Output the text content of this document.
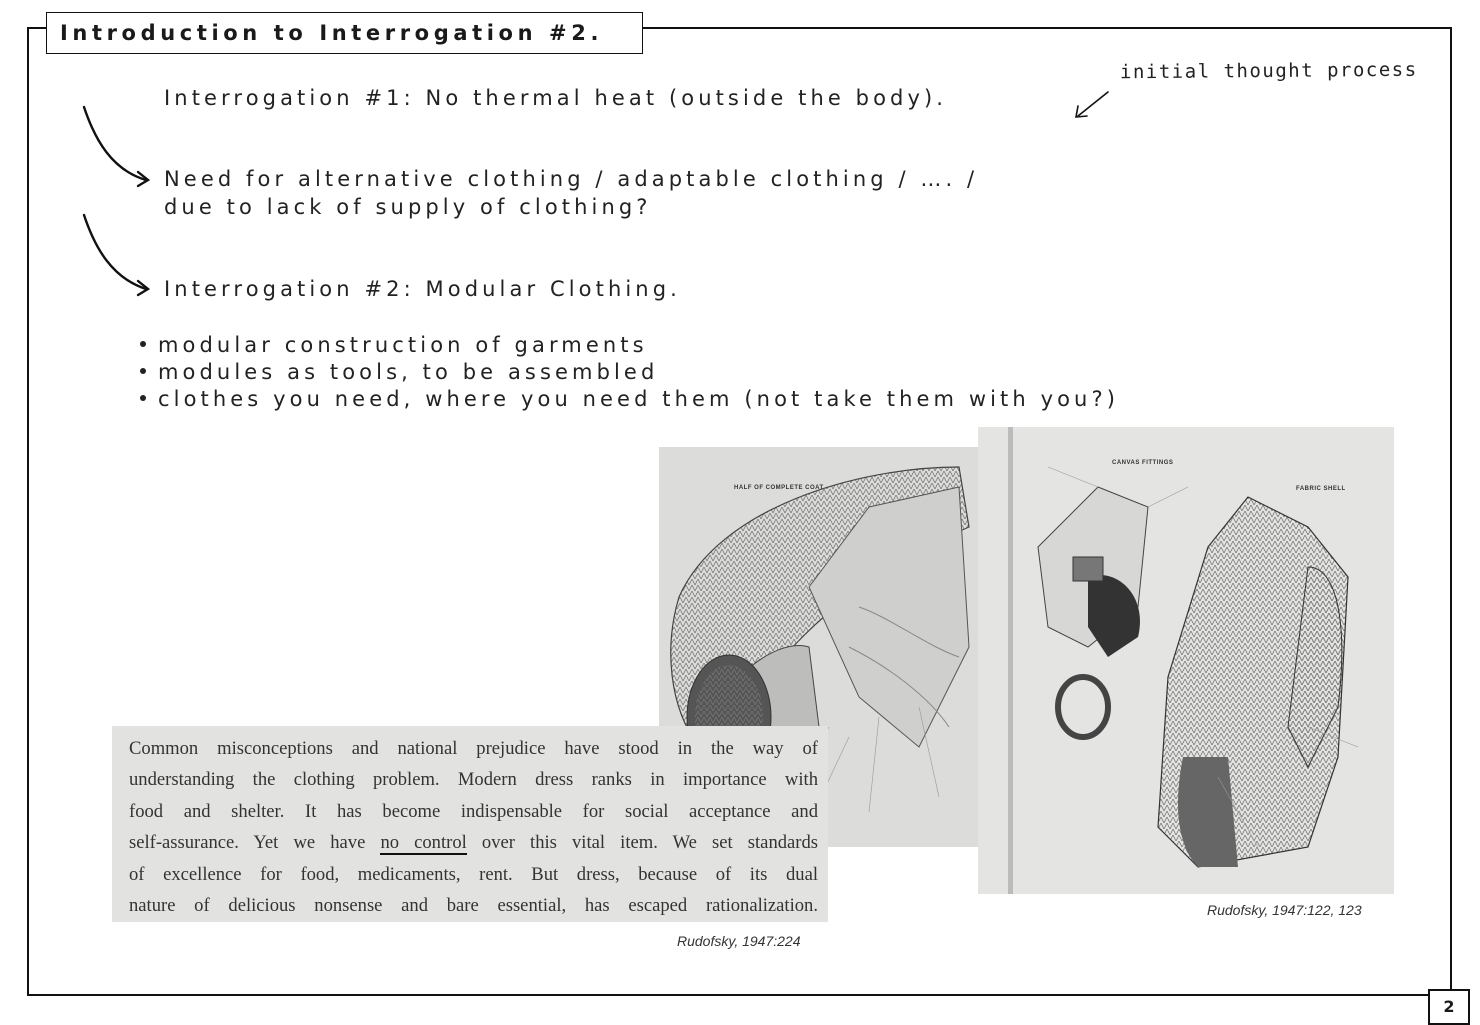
Introduction to Interrogation #2.
Interrogation #1: No thermal heat (outside the body).
Need for alternative clothing / adaptable clothing / …. /
due to lack of supply of clothing?
Interrogation #2: Modular Clothing.
initial thought process
modular construction of garments
modules as tools, to be assembled
clothes you need, where you need them (not take them with you?)
HALF OF COMPLETE COAT
CANVAS FITTINGS
FABRIC SHELL

Common misconceptions and national prejudice have stood in the way of

understanding the clothing problem. Modern dress ranks in importance with

food and shelter. It has become indispensable for social acceptance and

self-assurance. Yet we have no control over this vital item. We set standards

of excellence for food, medicaments, rent. But dress, because of its dual

nature of delicious nonsense and bare essential, has escaped rationalization.

Rudofsky, 1947:224
Rudofsky, 1947:122, 123
2
